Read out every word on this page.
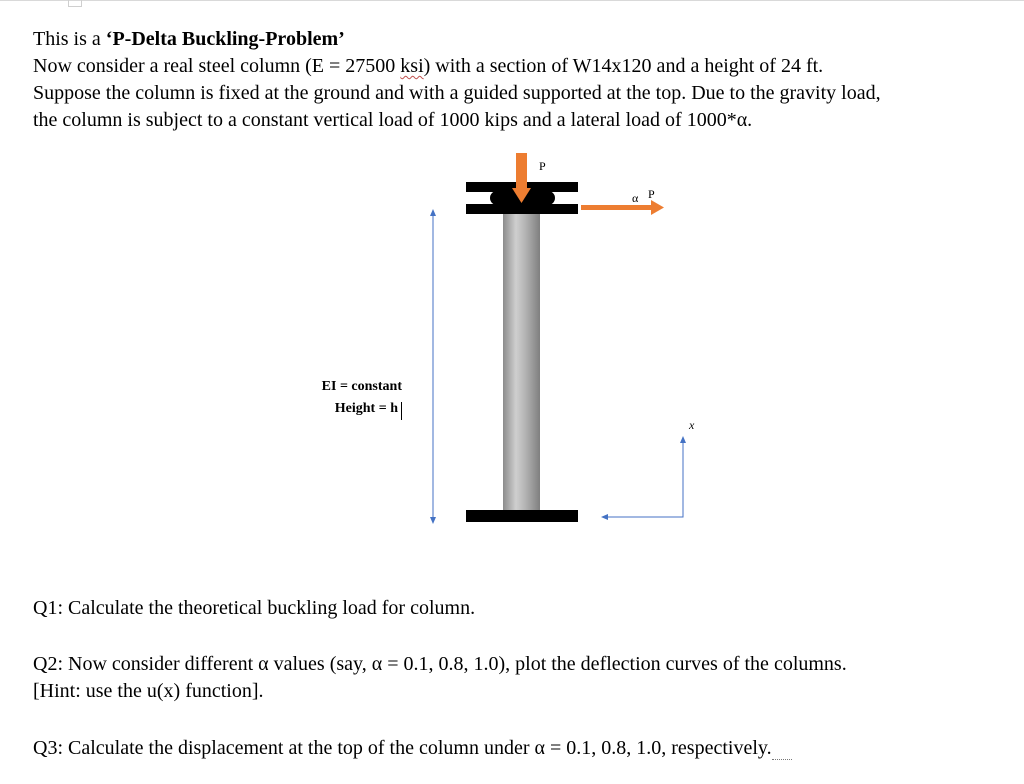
This is a ‘P-Delta Buckling-Problem’

Now consider a real steel column (E = 27500 ksi) with a section of W14x120 and a height of 24 ft.

Suppose the column is fixed at the ground and with a guided supported at the top. Due to the gravity load,

the column is subject to a constant vertical load of 1000 kips and a lateral load of 1000*α.

P
α P
EI = constant
Height = h
x

Q1: Calculate the theoretical buckling load for column.

Q2: Now consider different α values (say, α = 0.1, 0.8, 1.0), plot the deflection curves of the columns.

[Hint: use the u(x) function].

Q3: Calculate the displacement at the top of the column under α = 0.1, 0.8, 1.0, respectively.
